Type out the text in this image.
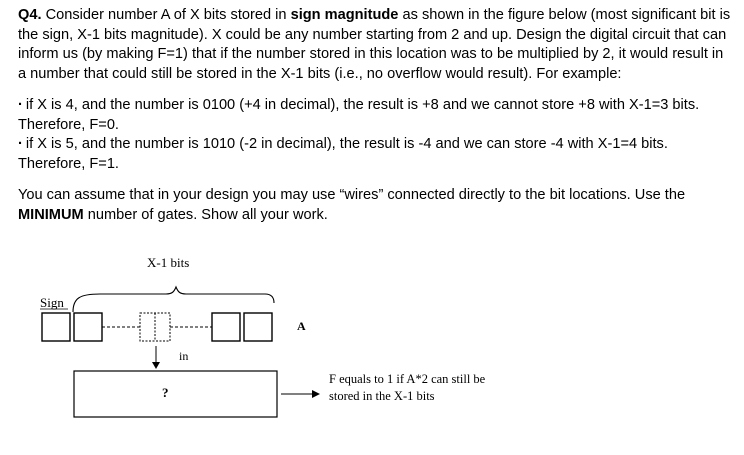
Q4. Consider number A of X bits stored in sign magnitude as shown in the figure below (most significant bit is the sign, X-1 bits magnitude). X could be any number starting from 2 and up. Design the digital circuit that can inform us (by making F=1) that if the number stored in this location was to be multiplied by 2, it would result in a number that could still be stored in the X-1 bits (i.e., no overflow would result). For example:

· if X is 4, and the number is 0100 (+4 in decimal), the result is +8 and we cannot store +8 with X-1=3 bits. Therefore, F=0.

· if X is 5, and the number is 1010 (-2 in decimal), the result is -4 and we can store -4 with X-1=4 bits. Therefore, F=1.

You can assume that in your design you may use “wires” connected directly to the bit locations. Use the MINIMUM number of gates. Show all your work.

X-1 bits
Sign
A
in
?
F equals to 1 if A*2 can still be
stored in the X-1 bits
